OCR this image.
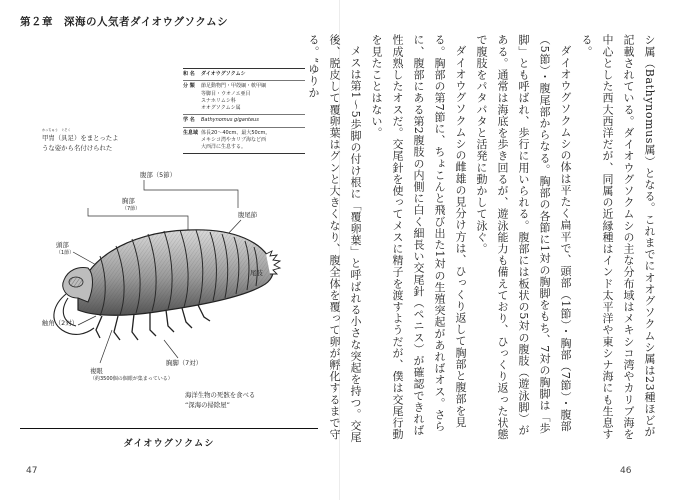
第２章　深海の人気者ダイオウグソクムシ
和 名	ダイオウグソクムシ
分 類	節足動物門・甲殻綱・軟甲綱
等脚目・ウオノエ亜目
スナホリムシ科
オオグソクムシ属
学 名	Bathynomus giganteus
生息域 体長20〜40cm、最大50cm。
メキシコ湾やカリブ海など西
大西洋に生息する。
かっちゅう　ぐそく
甲冑（具足）をまとったような姿から名付けられた
腹部（5節）
胸部
（7節）
頭部
（1節）
腹尾節
尾肢
触角（2対）
胸脚（7対）
複眼
（約3500個の個眼が集まっている）
海洋生物の死骸を食べる
“深海の掃除屋”
ダイオウグソクムシ
47

シ属（Bathynomus属）となる。これまでにオオグソクムシ属は23種ほどが記載されている。ダイオウグソクムシの主な分布域はメキシコ湾やカリブ海を中心とした西大西洋だが、同属の近縁種はインド太平洋や東シナ海にも生息する。

ダイオウグソクムシの体は平たく扁平で、頭部（1節）・胸部（7節）・腹部（5節）・腹尾部からなる。胸部の各節に1対の胸脚をもち、7対の胸脚は「歩脚」とも呼ばれ、歩行に用いられる。腹部には板状の5対の腹肢（遊泳脚）がある。通常は海底を歩き回るが、遊泳能力も備えており、ひっくり返った状態で腹肢をパタパタと活発に動かして泳ぐ。

ダイオウグソクムシの雌雄の見分け方は、ひっくり返して胸部と腹部を見る。胸部の第7節に、ちょこんと飛び出た1対の生殖突起があればオス。さらに、腹部にある第2腹肢の内側に白く細長い交尾針（ペニス）が確認できれば性成熟したオスだ。交尾針を使ってメスに精子を渡すようだが、僕は交尾行動を見たことはない。

メスは第1〜5歩脚の付け根に「覆卵葉」と呼ばれる小さな突起を持つ。交尾後、脱皮して覆卵葉はグンと大きくなり、腹全体を覆って卵が孵化するまで守る。“ゆりか

46
